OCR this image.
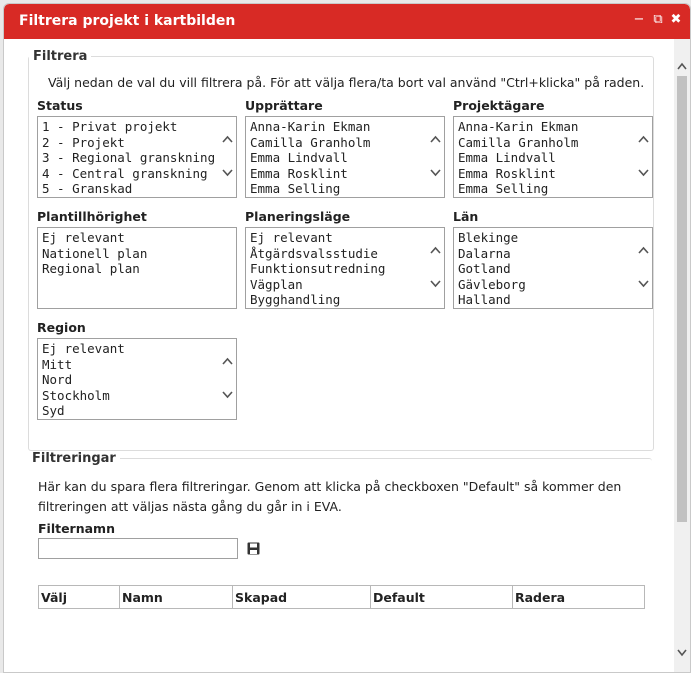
Filtrera projekt i kartbilden	− ⧉ ✖
Filtrera
Välj nedan de val du vill filtrera på. För att välja flera/ta bort val använd "Ctrl+klicka" på raden.
Status
1 - Privat projekt
2 - Projekt
3 - Regional granskning
4 - Central granskning
5 - Granskad
Upprättare
Anna-Karin Ekman
Camilla Granholm
Emma Lindvall
Emma Rosklint
Emma Selling
Projektägare
Anna-Karin Ekman
Camilla Granholm
Emma Lindvall
Emma Rosklint
Emma Selling
Plantillhörighet
Ej relevant
Nationell plan
Regional plan
Planeringsläge
Ej relevant
Åtgärdsvalsstudie
Funktionsutredning
Vägplan
Bygghandling
Län
Blekinge
Dalarna
Gotland
Gävleborg
Halland
Region
Ej relevant
Mitt
Nord
Stockholm
Syd
Filtreringar
Här kan du spara flera filtreringar. Genom att klicka på checkboxen "Default" så kommer den
filtreringen att väljas nästa gång du går in i EVA.
Filternamn
Välj	Namn	Skapad	Default	Radera
